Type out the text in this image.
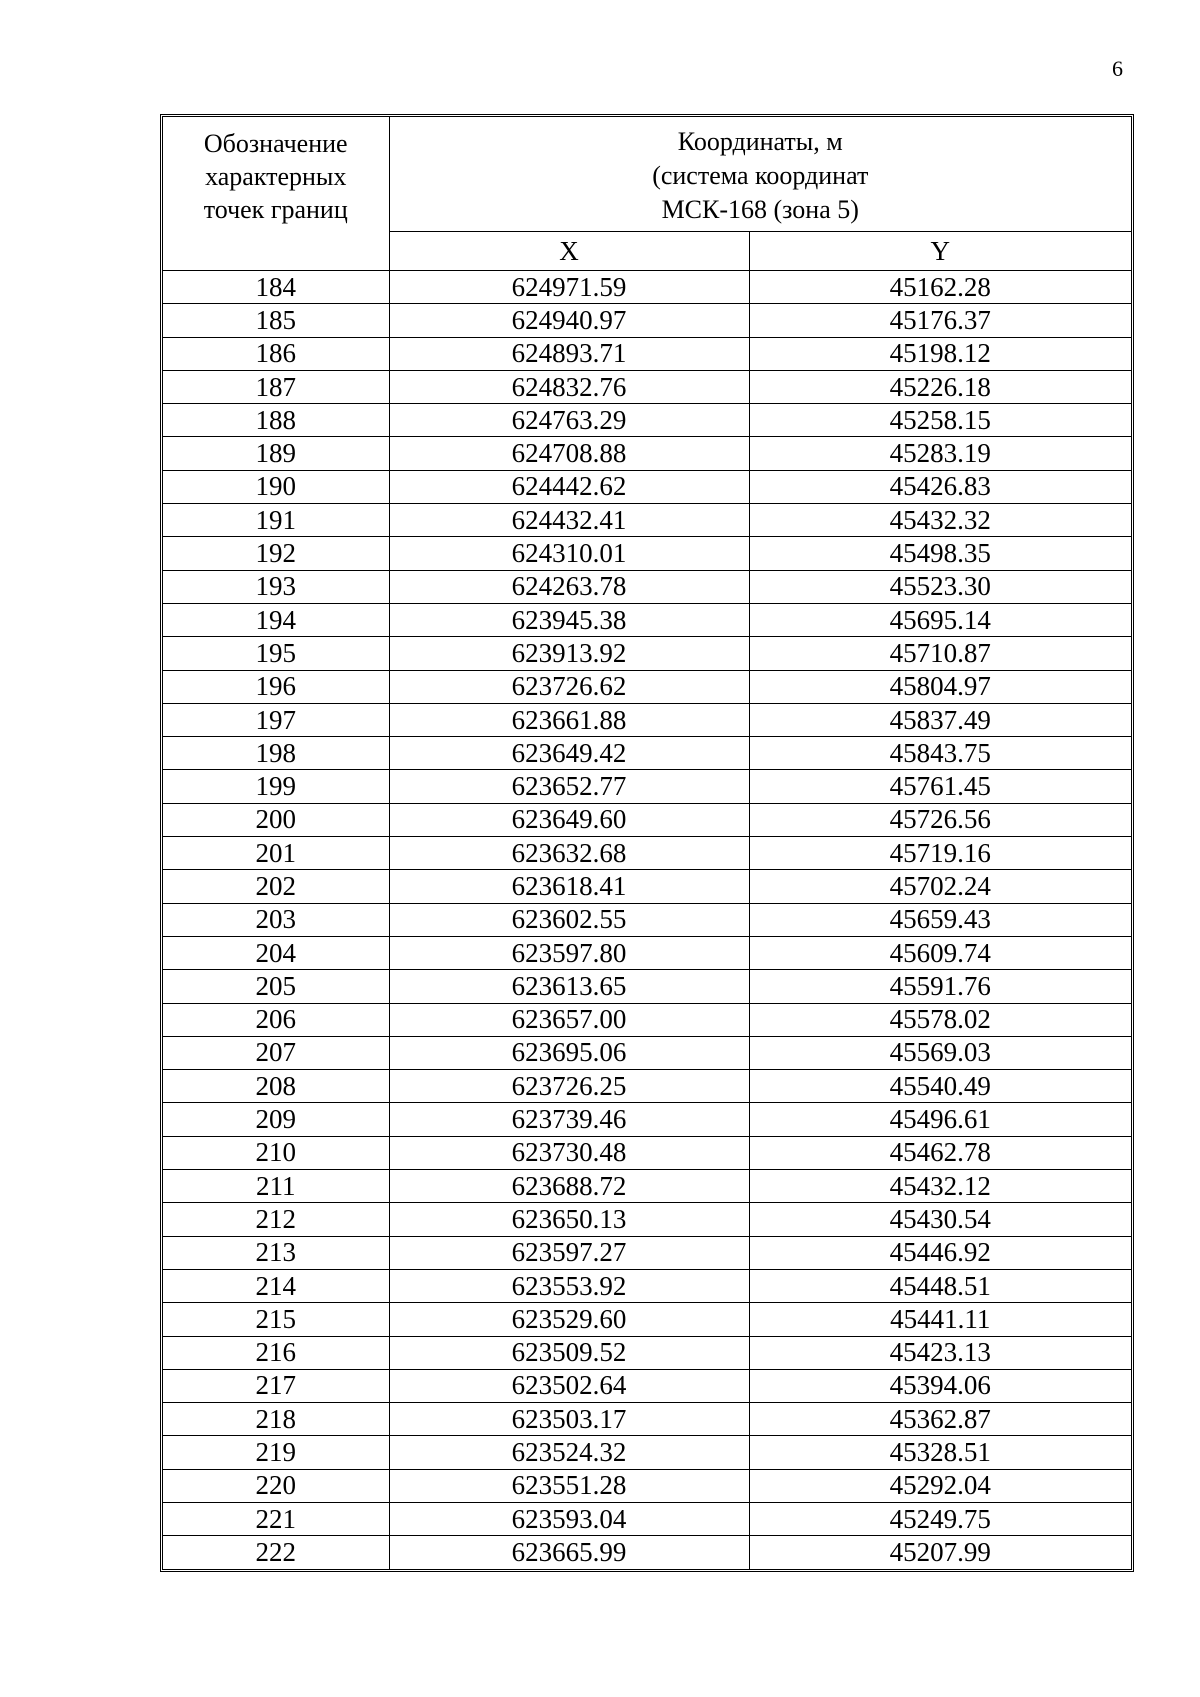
6
Обозначение
характерных
точек границ	Координаты, м
(система координат
МСК-168 (зона 5)	

	X	Y
184	624971.59	45162.28
185	624940.97	45176.37
186	624893.71	45198.12
187	624832.76	45226.18
188	624763.29	45258.15
189	624708.88	45283.19
190	624442.62	45426.83
191	624432.41	45432.32
192	624310.01	45498.35
193	624263.78	45523.30
194	623945.38	45695.14
195	623913.92	45710.87
196	623726.62	45804.97
197	623661.88	45837.49
198	623649.42	45843.75
199	623652.77	45761.45
200	623649.60	45726.56
201	623632.68	45719.16
202	623618.41	45702.24
203	623602.55	45659.43
204	623597.80	45609.74
205	623613.65	45591.76
206	623657.00	45578.02
207	623695.06	45569.03
208	623726.25	45540.49
209	623739.46	45496.61
210	623730.48	45462.78
211	623688.72	45432.12
212	623650.13	45430.54
213	623597.27	45446.92
214	623553.92	45448.51
215	623529.60	45441.11
216	623509.52	45423.13
217	623502.64	45394.06
218	623503.17	45362.87
219	623524.32	45328.51
220	623551.28	45292.04
221	623593.04	45249.75
222	623665.99	45207.99
